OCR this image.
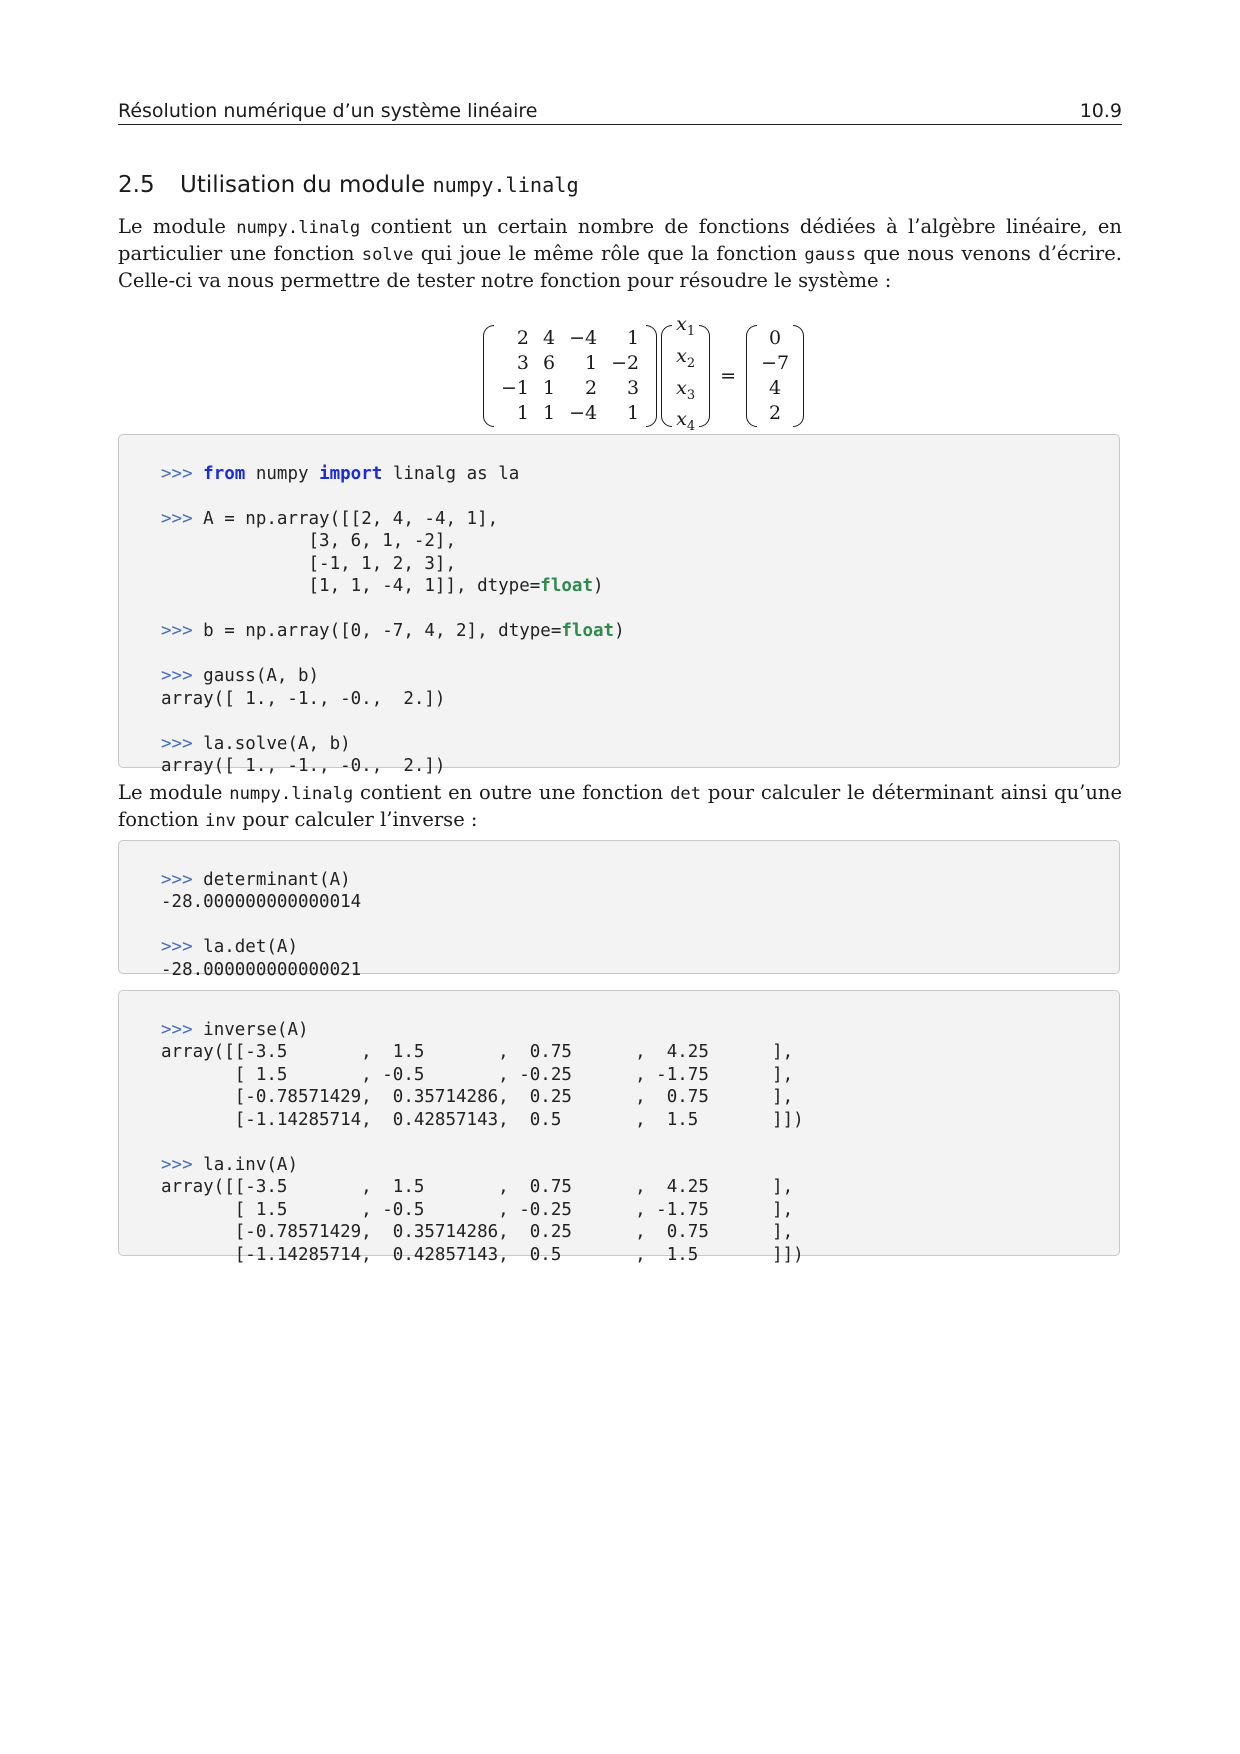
Résolution numérique d’un système linéaire	10.9
2.5 Utilisation du module numpy.linalg
Le module numpy.linalg contient un certain nombre de fonctions dédiées à l’algèbre linéaire, en particulier une fonction solve qui joue le même rôle que la fonction gauss que nous venons d’écrire. Celle-ci va nous permettre de tester notre fonction pour résoudre le système :
2	4	−4	1
3	6	1	−2
−1	1	2	3
1	1	−4	1
$x_1$
$x_2$
$x_3$
$x_4$
=
0
−7
4
2

>>> from numpy import linalg as la
>>> A = np.array([[2, 4, -4, 1],
[3, 6, 1, -2],
[-1, 1, 2, 3],
[1, 1, -4, 1]], dtype=float)
>>> b = np.array([0, -7, 4, 2], dtype=float)
>>> gauss(A, b)
array([ 1., -1., -0.,  2.])
>>> la.solve(A, b)
array([ 1., -1., -0.,  2.])
Le module numpy.linalg contient en outre une fonction det pour calculer le déterminant ainsi qu’une fonction inv pour calculer l’inverse :

>>> determinant(A)
-28.000000000000014
>>> la.det(A)
-28.000000000000021

>>> inverse(A)
array([[-3.5       ,  1.5       ,  0.75      ,  4.25      ],
[ 1.5       , -0.5       , -0.25      , -1.75      ],
[-0.78571429,  0.35714286,  0.25      ,  0.75      ],
[-1.14285714,  0.42857143,  0.5       ,  1.5       ]])
>>> la.inv(A)
array([[-3.5       ,  1.5       ,  0.75      ,  4.25      ],
[ 1.5       , -0.5       , -0.25      , -1.75      ],
[-0.78571429,  0.35714286,  0.25      ,  0.75      ],
[-1.14285714,  0.42857143,  0.5       ,  1.5       ]])
